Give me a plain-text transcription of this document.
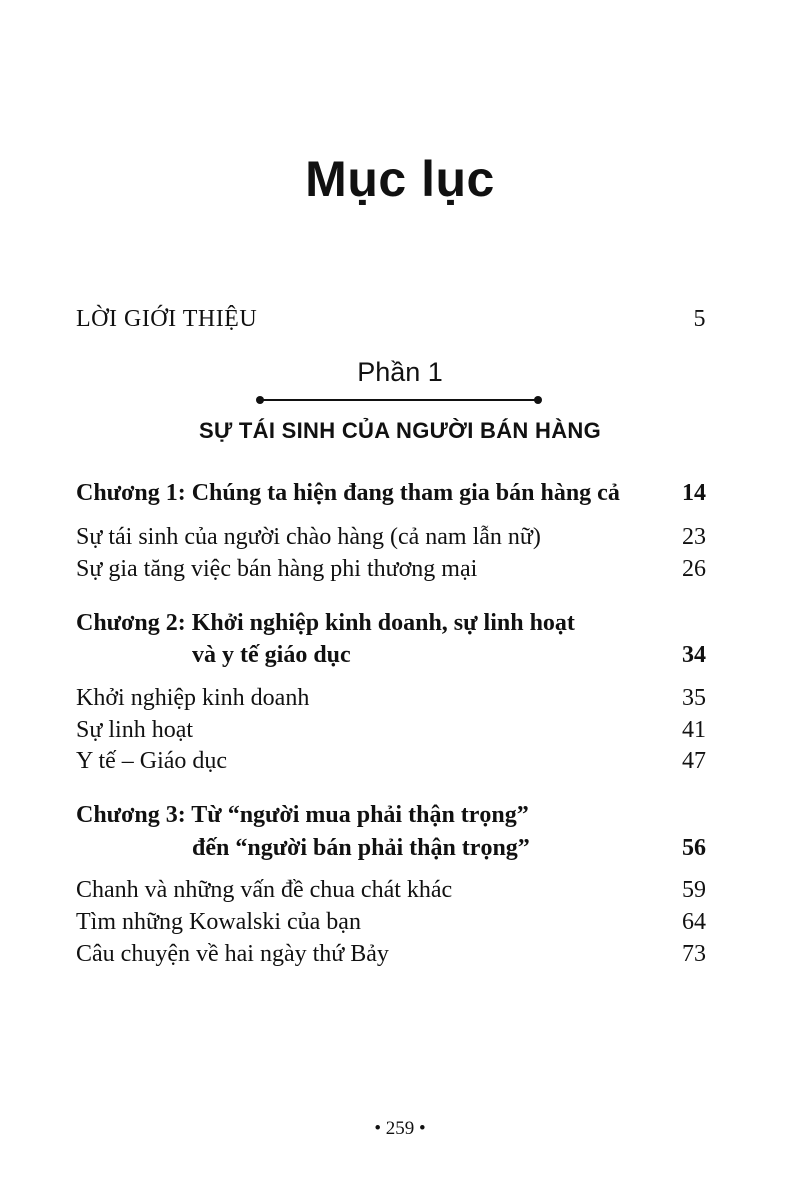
Mục lục
LỜI GIỚI THIỆU	5
Phần 1
SỰ TÁI SINH CỦA NGƯỜI BÁN HÀNG
Chương 1: Chúng ta hiện đang tham gia bán hàng cả	14
Sự tái sinh của người chào hàng (cả nam lẫn nữ)	23
Sự gia tăng việc bán hàng phi thương mại	26
Chương 2: Khởi nghiệp kinh doanh, sự linh hoạt
và y tế giáo dục	34
Khởi nghiệp kinh doanh	35
Sự linh hoạt	41
Y tế – Giáo dục	47
Chương 3: Từ “người mua phải thận trọng”
đến “người bán phải thận trọng”	56
Chanh và những vấn đề chua chát khác	59
Tìm những Kowalski của bạn	64
Câu chuyện về hai ngày thứ Bảy	73
• 259 •
